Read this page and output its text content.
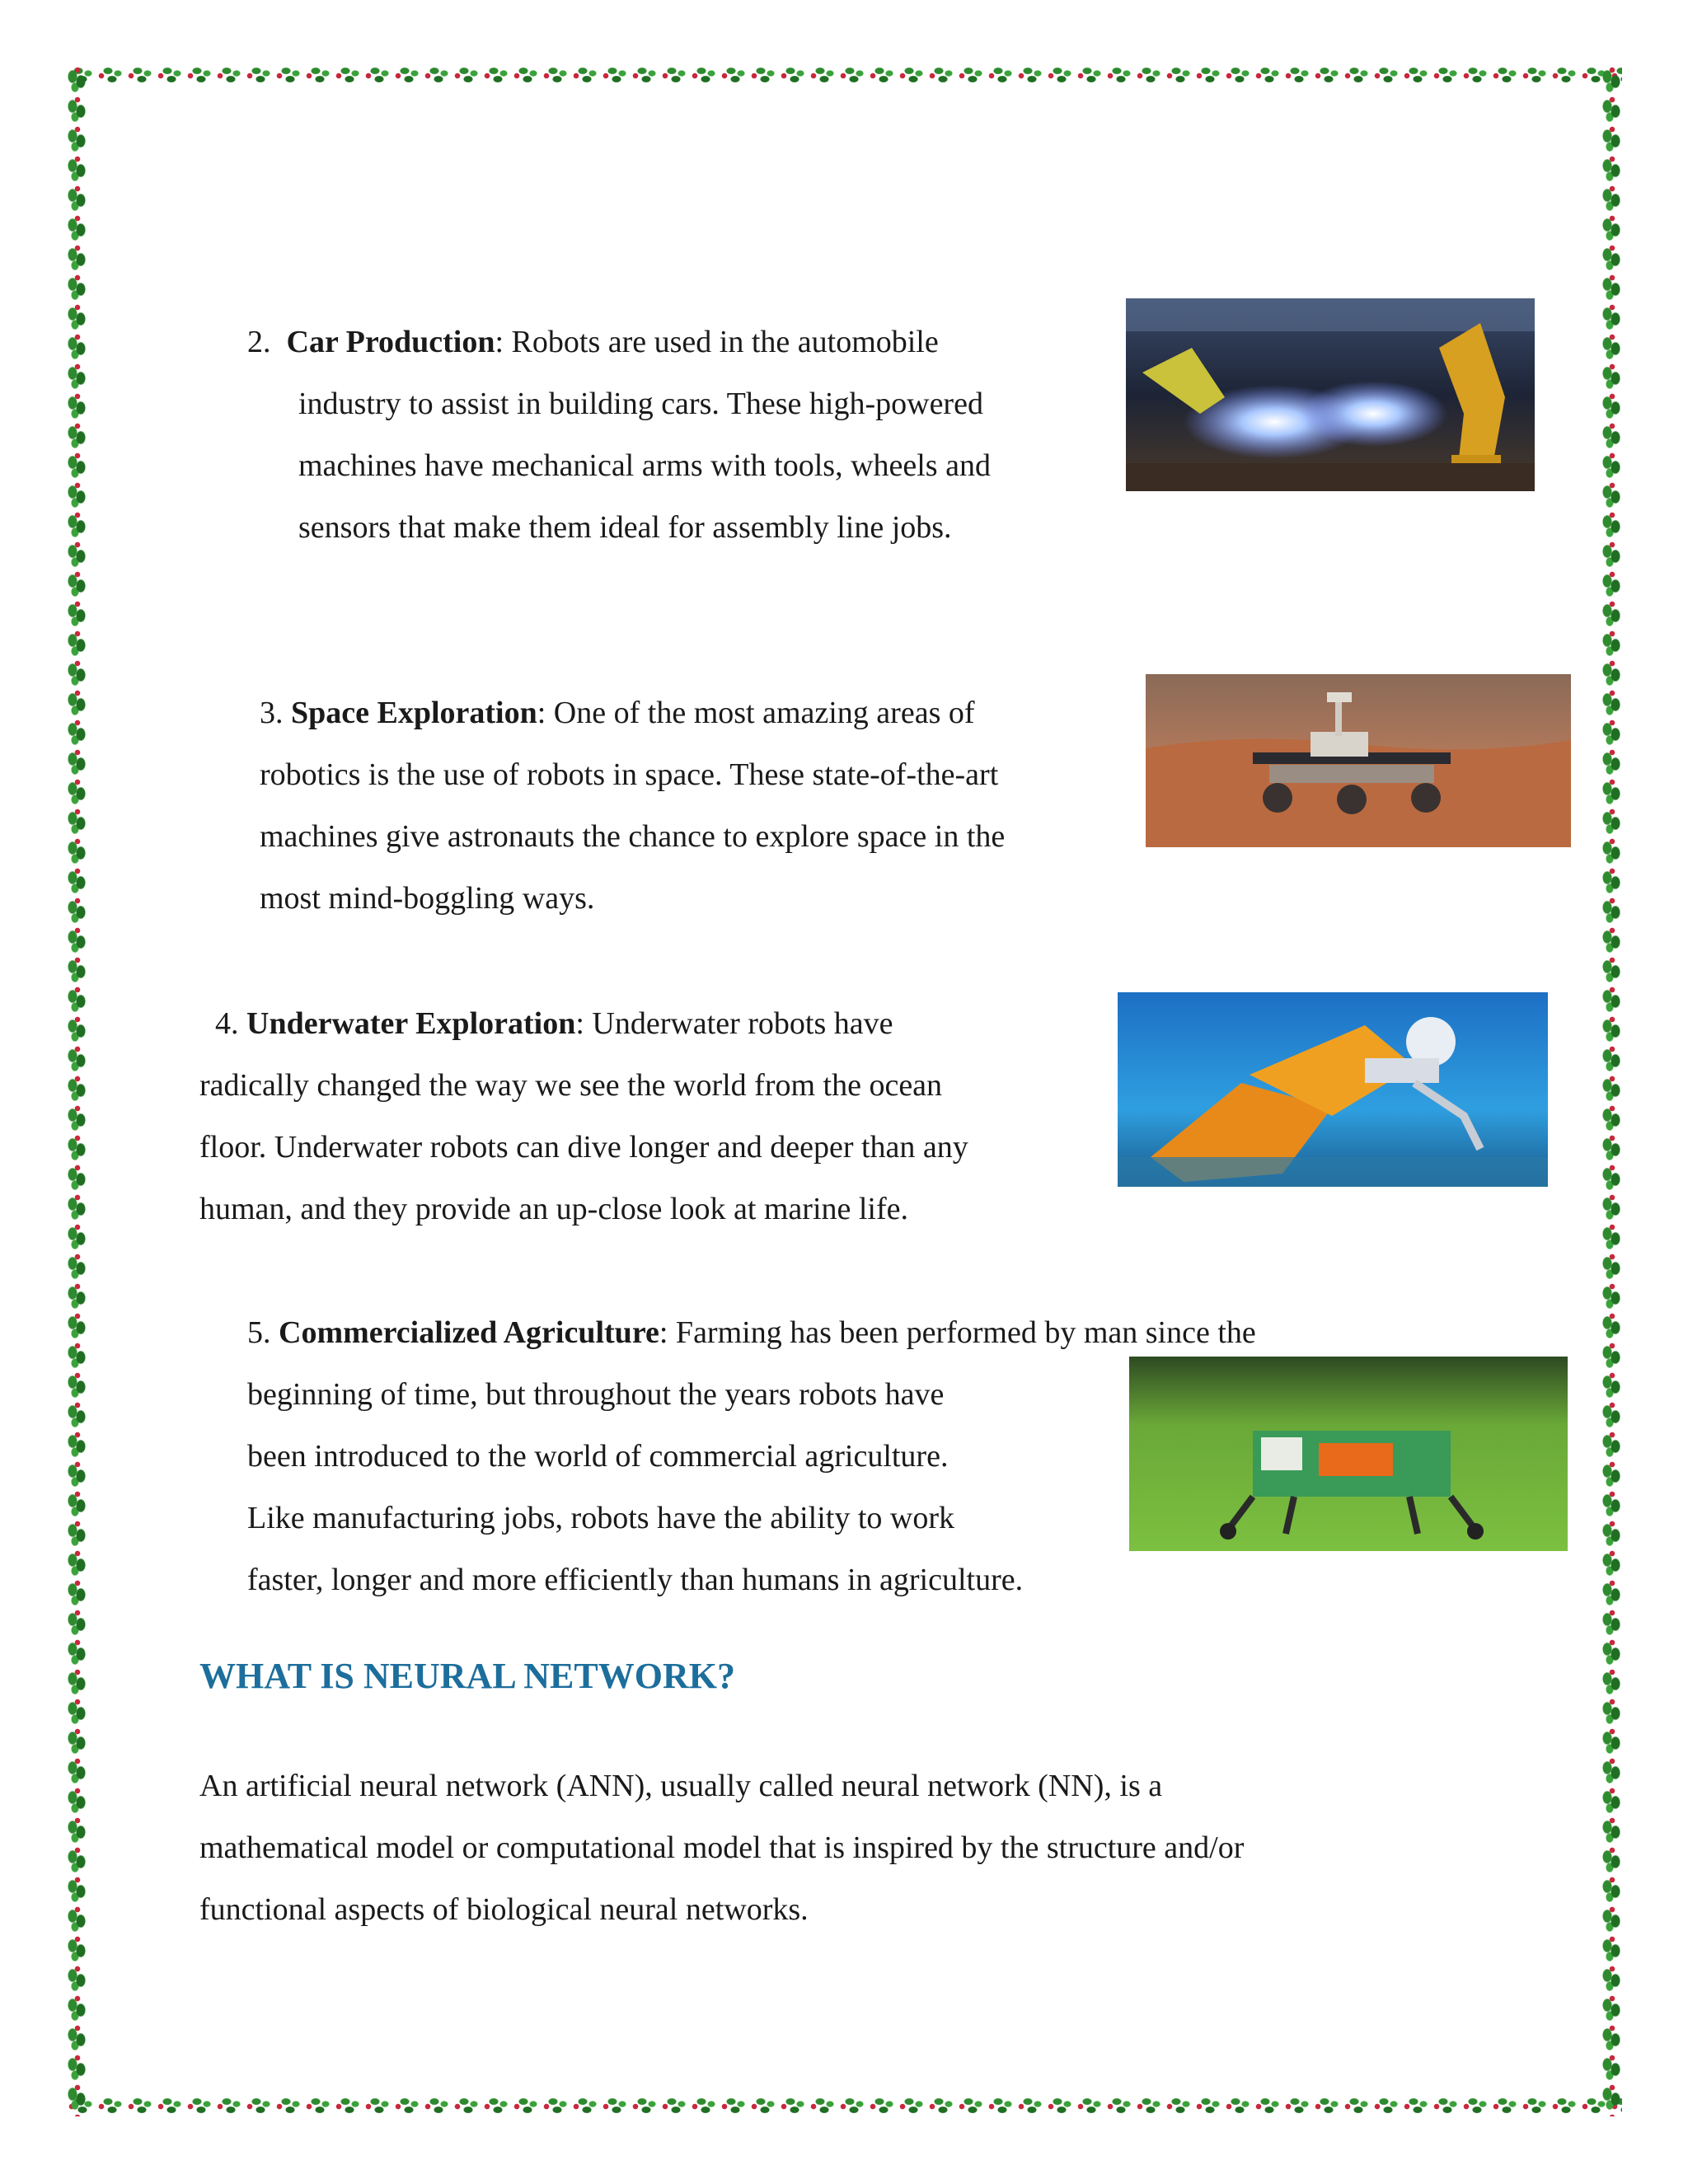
2. Car Production: Robots are used in the automobile
industry to assist in building cars. These high-powered
machines have mechanical arms with tools, wheels and
sensors that make them ideal for assembly line jobs.

3. Space Exploration: One of the most amazing areas of
robotics is the use of robots in space. These state-of-the-art
machines give astronauts the chance to explore space in the
most mind-boggling ways.

4. Underwater Exploration: Underwater robots have
radically changed the way we see the world from the ocean
floor. Underwater robots can dive longer and deeper than any
human, and they provide an up-close look at marine life.

5. Commercialized Agriculture: Farming has been performed by man since the
beginning of time, but throughout the years robots have
been introduced to the world of commercial agriculture.
Like manufacturing jobs, robots have the ability to work
faster, longer and more efficiently than humans in agriculture.

WHAT IS NEURAL NETWORK?

An artificial neural network (ANN), usually called neural network (NN), is a
mathematical model or computational model that is inspired by the structure and/or
functional aspects of biological neural networks.
